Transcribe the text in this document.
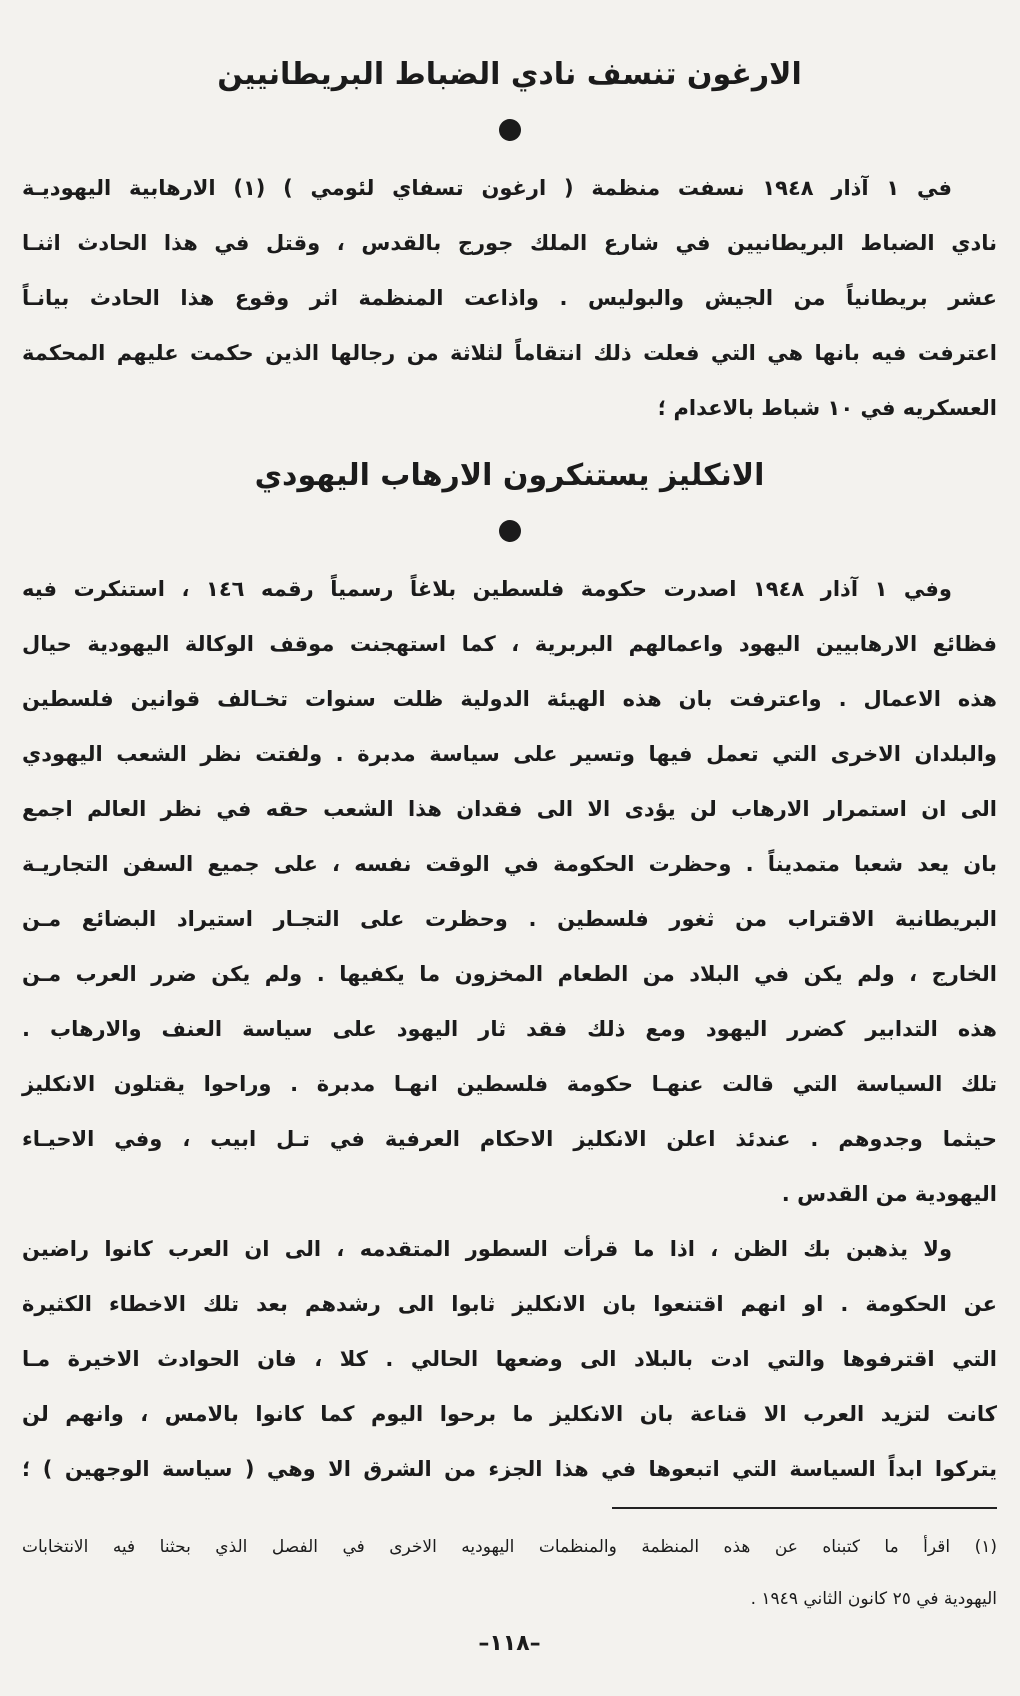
الارغون تنسف نادي الضباط البريطانيين
في ١ آذار ١٩٤٨ نسفت منظمة ( ارغون تسفاي لئومي ) (١) الارهابية اليهوديـة
نادي الضباط البريطانيين في شارع الملك جورج بالقدس ، وقتل في هذا الحادث اثنـا
عشر بريطانياً من الجيش والبوليس . واذاعت المنظمة اثر وقوع هذا الحادث بيانـاً
اعترفت فيه بانها هي التي فعلت ذلك انتقاماً لثلاثة من رجالها الذين حكمت عليهم المحكمة
العسكريه في ١٠ شباط بالاعدام ؛
الانكليز يستنكرون الارهاب اليهودي
وفي ١ آذار ١٩٤٨ اصدرت حكومة فلسطين بلاغاً رسمياً رقمه ١٤٦ ، استنكرت فيه
فظائع الارهابيين اليهود واعمالهم البربرية ، كما استهجنت موقف الوكالة اليهودية حيال
هذه الاعمال . واعترفت بان هذه الهيئة الدولية ظلت سنوات تخـالف قوانين فلسطين
والبلدان الاخرى التي تعمل فيها وتسير على سياسة مدبرة . ولفتت نظر الشعب اليهودي
الى ان استمرار الارهاب لن يؤدى الا الى فقدان هذا الشعب حقه في نظر العالم اجمع
بان يعد شعبا متمديناً . وحظرت الحكومة في الوقت نفسه ، على جميع السفن التجاريـة
البريطانية الاقتراب من ثغور فلسطين . وحظرت على التجـار استيراد البضائع مـن
الخارج ، ولم يكن في البلاد من الطعام المخزون ما يكفيها . ولم يكن ضرر العرب مـن
هذه التدابير كضرر اليهود ومع ذلك فقد ثار اليهود على سياسة العنف والارهاب .
تلك السياسة التي قالت عنهـا حكومة فلسطين انهـا مدبرة . وراحوا يقتلون الانكليز
حيثما وجدوهم . عندئذ اعلن الانكليز الاحكام العرفية في تـل ابيب ، وفي الاحيـاء
اليهودية من القدس .
ولا يذهبن بك الظن ، اذا ما قرأت السطور المتقدمه ، الى ان العرب كانوا راضين
عن الحكومة . او انهم اقتنعوا بان الانكليز ثابوا الى رشدهم بعد تلك الاخطاء الكثيرة
التي اقترفوها والتي ادت بالبلاد الى وضعها الحالي . كلا ، فان الحوادث الاخيرة مـا
كانت لتزيد العرب الا قناعة بان الانكليز ما برحوا اليوم كما كانوا بالامس ، وانهم لن
يتركوا ابداً السياسة التي اتبعوها في هذا الجزء من الشرق الا وهي ( سياسة الوجهين ) ؛
(١) اقرأ ما كتبناه عن هذه المنظمة والمنظمات اليهوديه الاخرى في الفصل الذي بحثنا فيه الانتخابات
اليهودية في ٢٥ كانون الثاني ١٩٤٩ .
–١١٨–
